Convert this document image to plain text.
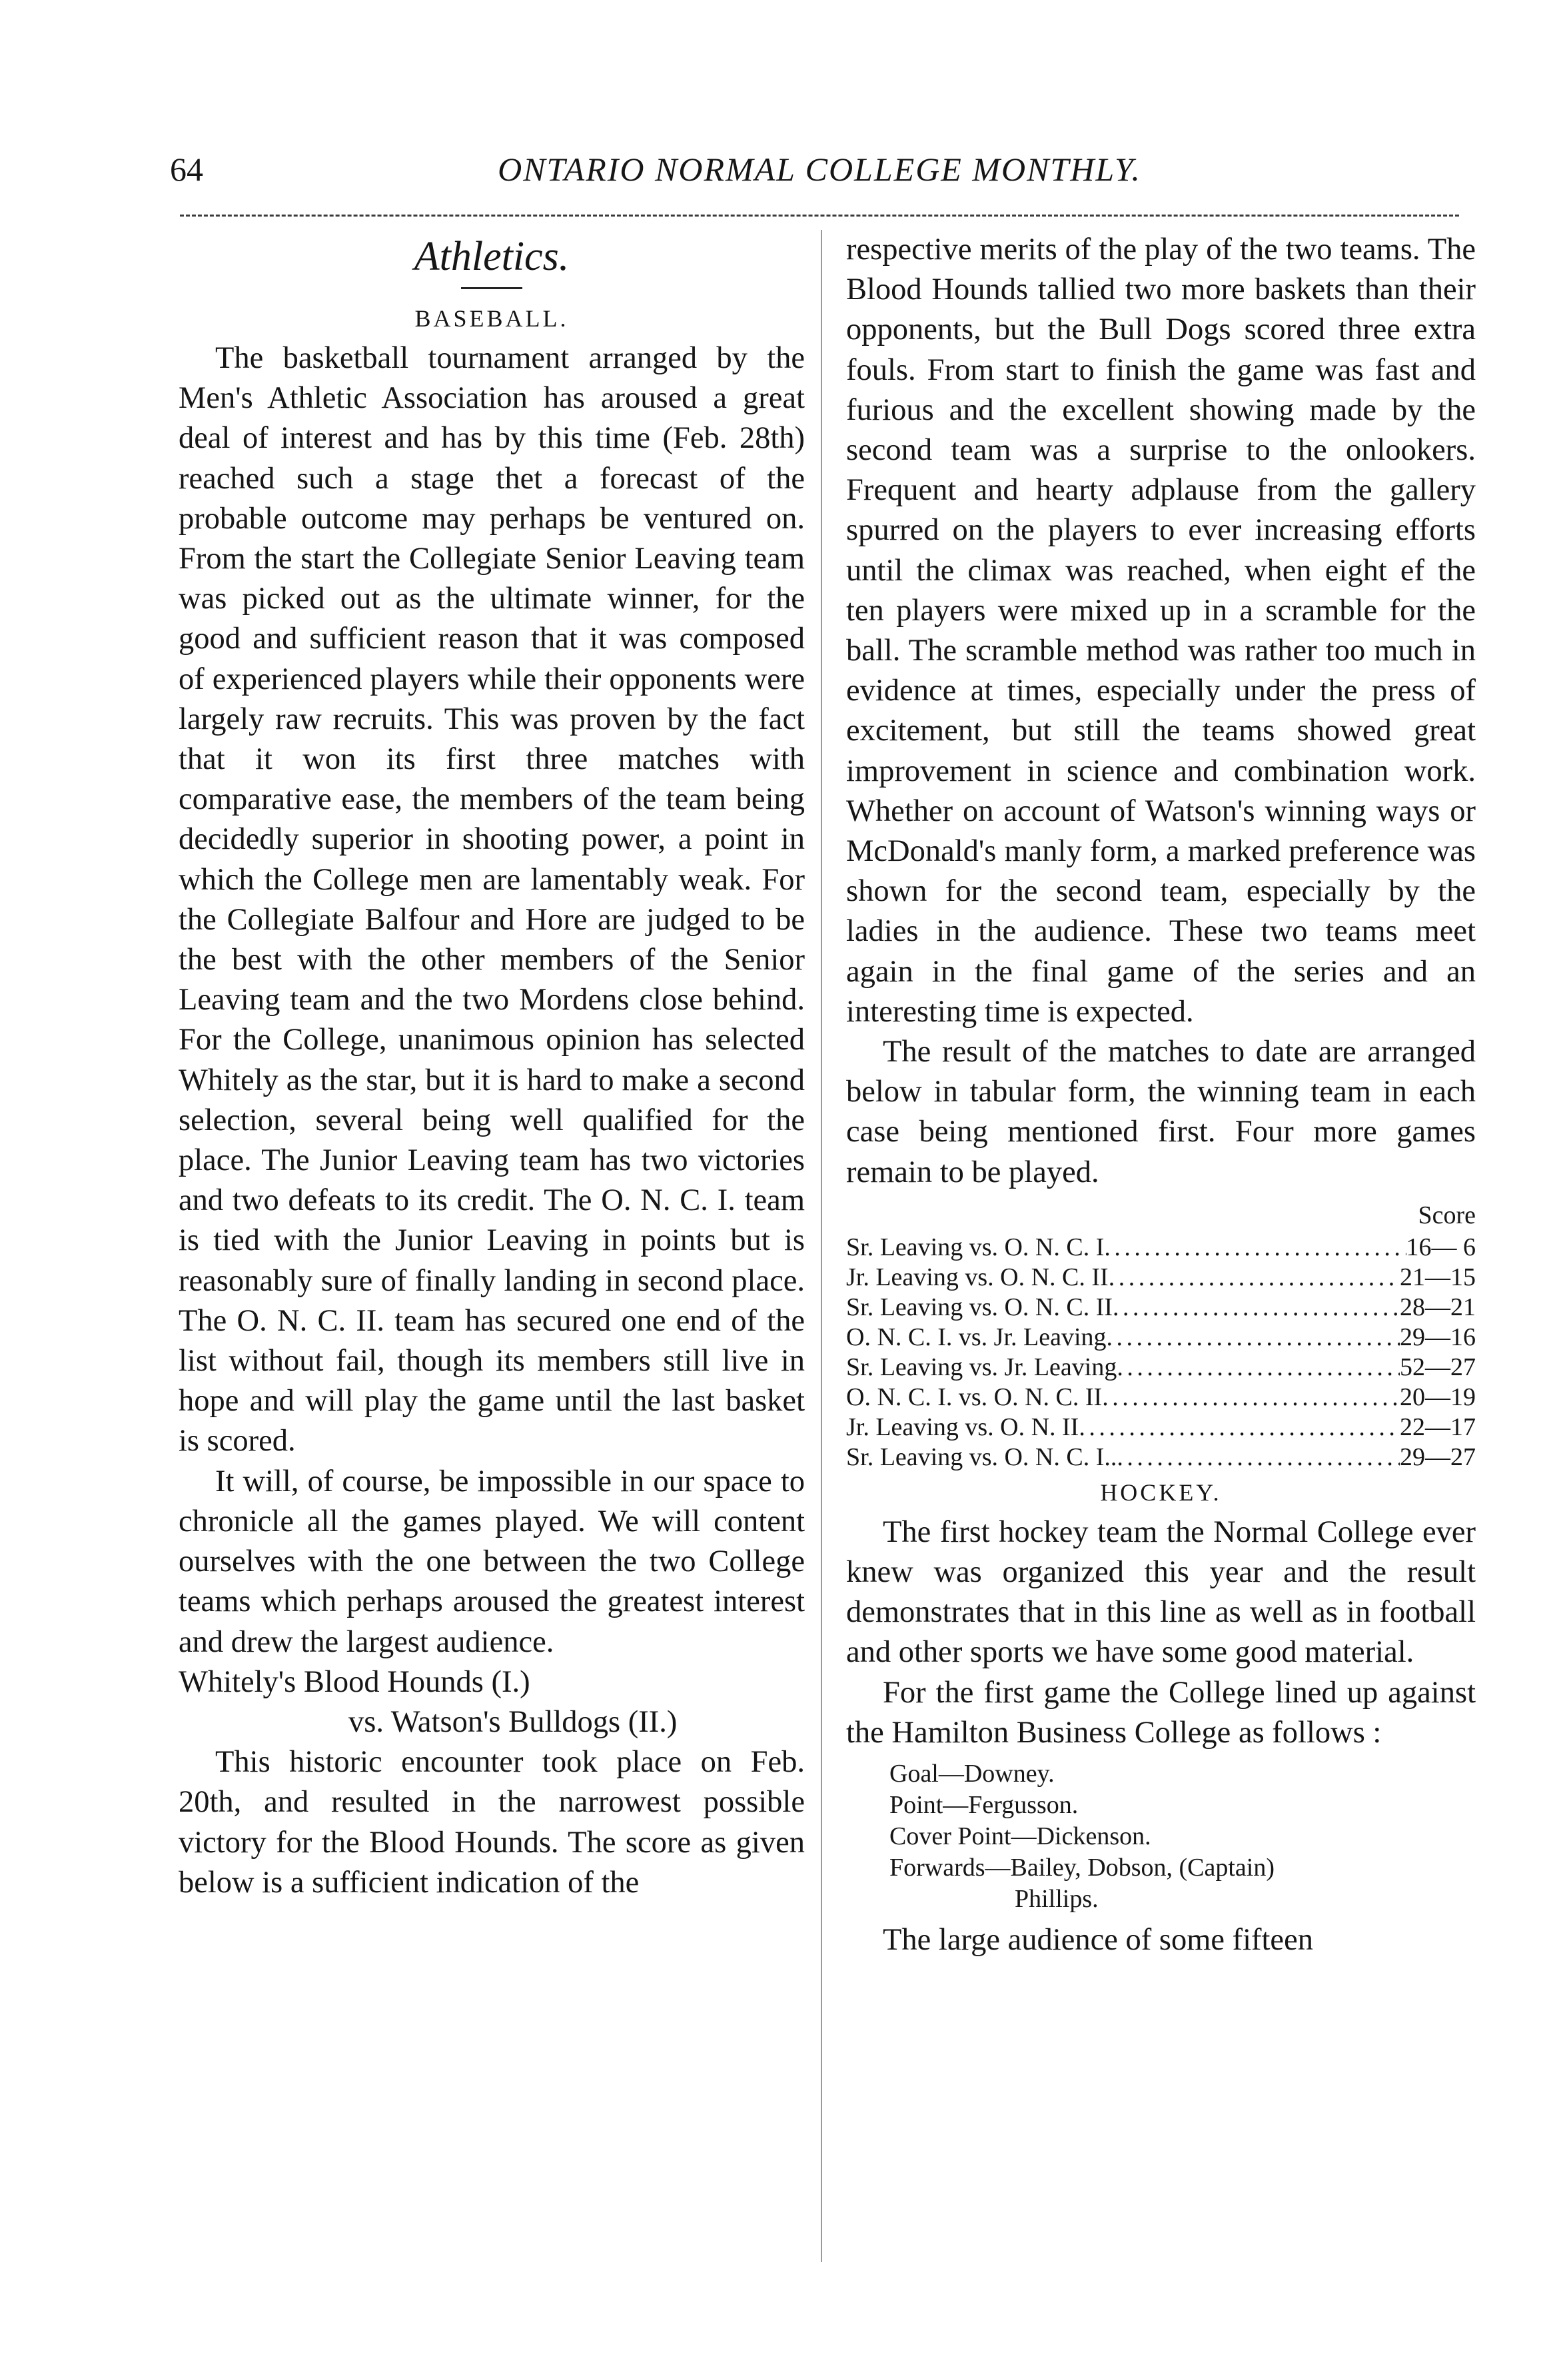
64	ONTARIO NORMAL COLLEGE MONTHLY.
Athletics.
BASEBALL.

The basketball tournament arranged by the Men's Athletic Association has aroused a great deal of interest and has by this time (Feb. 28th) reached such a stage thet a forecast of the probable outcome may perhaps be ventured on. From the start the Collegiate Senior Leaving team was picked out as the ultimate winner, for the good and sufficient reason that it was composed of experienced players while their opponents were largely raw recruits. This was proven by the fact that it won its first three matches with comparative ease, the members of the team being decidedly superior in shooting power, a point in which the College men are lamentably weak. For the Collegiate Balfour and Hore are judged to be the best with the other members of the Senior Leaving team and the two Mordens close behind. For the College, unanimous opinion has selected Whitely as the star, but it is hard to make a second selection, several being well qualified for the place. The Junior Leaving team has two victories and two defeats to its credit. The O. N. C. I. team is tied with the Junior Leaving in points but is reasonably sure of finally landing in second place. The O. N. C. II. team has secured one end of the list without fail, though its members still live in hope and will play the game until the last basket is scored.

It will, of course, be impossible in our space to chronicle all the games played. We will content ourselves with the one between the two College teams which perhaps aroused the greatest interest and drew the largest audience.

Whitely's Blood Hounds (I.)

vs. Watson's Bulldogs (II.)

This historic encounter took place on Feb. 20th, and resulted in the narrowest possible victory for the Blood Hounds. The score as given below is a sufficient indication of the

respective merits of the play of the two teams. The Blood Hounds tallied two more baskets than their opponents, but the Bull Dogs scored three extra fouls. From start to finish the game was fast and furious and the excellent showing made by the second team was a surprise to the onlookers. Frequent and hearty adplause from the gallery spurred on the players to ever increasing efforts until the climax was reached, when eight ef the ten players were mixed up in a scramble for the ball. The scramble method was rather too much in evidence at times, especially under the press of excitement, but still the teams showed great improvement in science and combination work. Whether on account of Watson's winning ways or McDonald's manly form, a marked preference was shown for the second team, especially by the ladies in the audience. These two teams meet again in the final game of the series and an interesting time is expected.

The result of the matches to date are arranged below in tabular form, the winning team in each case being mentioned first. Four more games remain to be played.

Score
Sr. Leaving vs. O. N. C. I . . .	16— 6
Jr. Leaving vs. O. N. C. II . . .	21—15
Sr. Leaving vs. O. N. C. II . . .	28—21
O. N. C. I. vs. Jr. Leaving . . .	29—16
Sr. Leaving vs. Jr. Leaving . . .	52—27
O. N. C. I. vs. O. N. C. II . . .	20—19
Jr. Leaving vs. O. N. II . . .	22—17
Sr. Leaving vs. O. N. C. I.. . . .	29—27
HOCKEY.

The first hockey team the Normal College ever knew was organized this year and the result demonstrates that in this line as well as in football and other sports we have some good material.

For the first game the College lined up against the Hamilton Business College as follows :

Goal—Downey.
Point—Fergusson.
Cover Point—Dickenson.
Forwards—Bailey, Dobson, (Captain)
Phillips.

The large audience of some fifteen
